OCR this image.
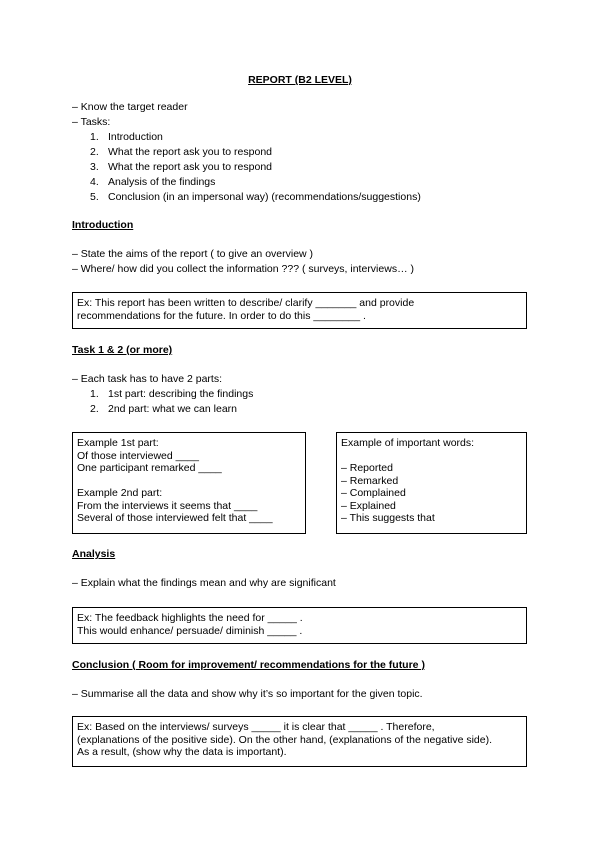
REPORT (B2 LEVEL)
– Know the target reader
– Tasks:
1. Introduction
2. What the report ask you to respond
3. What the report ask you to respond
4. Analysis of the findings
5. Conclusion (in an impersonal way) (recommendations/suggestions)
Introduction
– State the aims of the report ( to give an overview )
– Where/ how did you collect the information ??? ( surveys, interviews… )
Ex: This report has been written to describe/ clarify _______ and provide
recommendations for the future. In order to do this ________ .
Task 1 & 2 (or more)
– Each task has to have 2 parts:
1. 1st part: describing the findings
2. 2nd part: what we can learn
Example 1st part:
Of those interviewed ____
One participant remarked ____
Example 2nd part:
From the interviews it seems that ____
Several of those interviewed felt that ____
Example of important words:
– Reported
– Remarked
– Complained
– Explained
– This suggests that
Analysis
– Explain what the findings mean and why are significant
Ex: The feedback highlights the need for _____ .
This would enhance/ persuade/ diminish _____ .
Conclusion ( Room for improvement/ recommendations for the future )
– Summarise all the data and show why it’s so important for the given topic.
Ex: Based on the interviews/ surveys _____ it is clear that _____ . Therefore,
(explanations of the positive side). On the other hand, (explanations of the negative side).
As a result, (show why the data is important).
